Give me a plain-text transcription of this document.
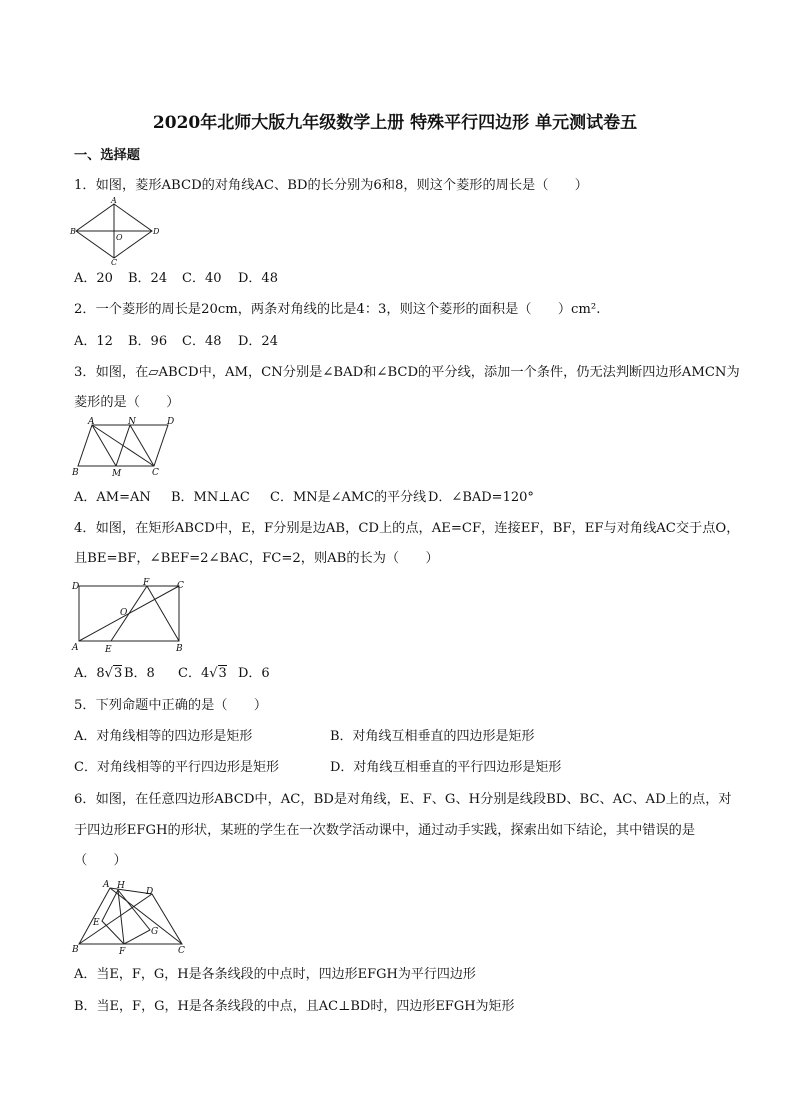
2020年北师大版九年级数学上册 特殊平行四边形 单元测试卷五
一、选择题
1．如图，菱形ABCD的对角线AC、BD的长分别为6和8，则这个菱形的周长是（　　）
A
B
O
D
C
A．20 B．24 C．40 D．48
2．一个菱形的周长是20cm，两条对角线的比是4：3，则这个菱形的面积是（　　）cm².
A．12 B．96 C．48 D．24
3．如图，在▱ABCD中，AM，CN分别是∠BAD和∠BCD的平分线，添加一个条件，仍无法判断四边形AMCN为
菱形的是（　　）
A	N	D
B	M	C
A．AM=AN B．MN⊥AC C．MN是∠AMC的平分线 D．∠BAD=120°
4．如图，在矩形ABCD中，E，F分别是边AB，CD上的点，AE=CF，连接EF，BF，EF与对角线AC交于点O，
且BE=BF，∠BEF=2∠BAC，FC=2，则AB的长为（　　）
D	F	C
O
A	E	B
A．8√3 B．8 C．4√3 D．6
5．下列命题中正确的是（　　）
A．对角线相等的四边形是矩形	B．对角线互相垂直的四边形是矩形
C．对角线相等的平行四边形是矩形	D．对角线互相垂直的平行四边形是矩形
6．如图，在任意四边形ABCD中，AC，BD是对角线，E、F、G、H分别是线段BD、BC、AC、AD上的点，对
于四边形EFGH的形状，某班的学生在一次数学活动课中，通过动手实践，探索出如下结论，其中错误的是
（　　）
A H
D
E
G
B	F	C
A．当E，F，G，H是各条线段的中点时，四边形EFGH为平行四边形
B．当E，F，G，H是各条线段的中点，且AC⊥BD时，四边形EFGH为矩形
